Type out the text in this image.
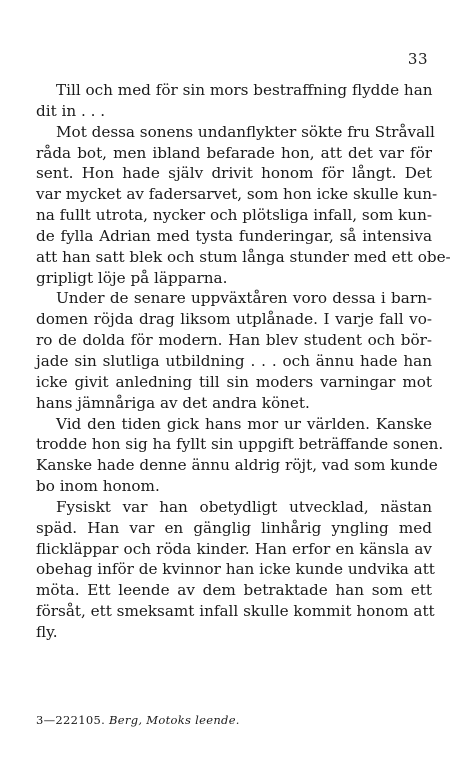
33
Till och med för sin mors bestraffning flydde han
dit in . . .
Mot dessa sonens undanflykter sökte fru Stråvall
råda bot, men ibland befarade hon, att det var för
sent. Hon hade själv drivit honom för långt. Det
var mycket av fadersarvet, som hon icke skulle kun-
na fullt utrota, nycker och plötsliga infall, som kun-
de fylla Adrian med tysta funderingar, så intensiva
att han satt blek och stum långa stunder med ett obe-
gripligt löje på läpparna.
Under de senare uppväxtåren voro dessa i barn-
domen röjda drag liksom utplånade. I varje fall vo-
ro de dolda för modern. Han blev student och bör-
jade sin slutliga utbildning . . . och ännu hade han
icke givit anledning till sin moders varningar mot
hans jämnåriga av det andra könet.
Vid den tiden gick hans mor ur världen. Kanske
trodde hon sig ha fyllt sin uppgift beträffande sonen.
Kanske hade denne ännu aldrig röjt, vad som kunde
bo inom honom.
Fysiskt var han obetydligt utvecklad, nästan
späd. Han var en gänglig linhårig yngling med
flickläppar och röda kinder. Han erfor en känsla av
obehag inför de kvinnor han icke kunde undvika att
möta. Ett leende av dem betraktade han som ett
försåt, ett smeksamt infall skulle kommit honom att
fly.
3—222105. Berg, Motoks leende.
